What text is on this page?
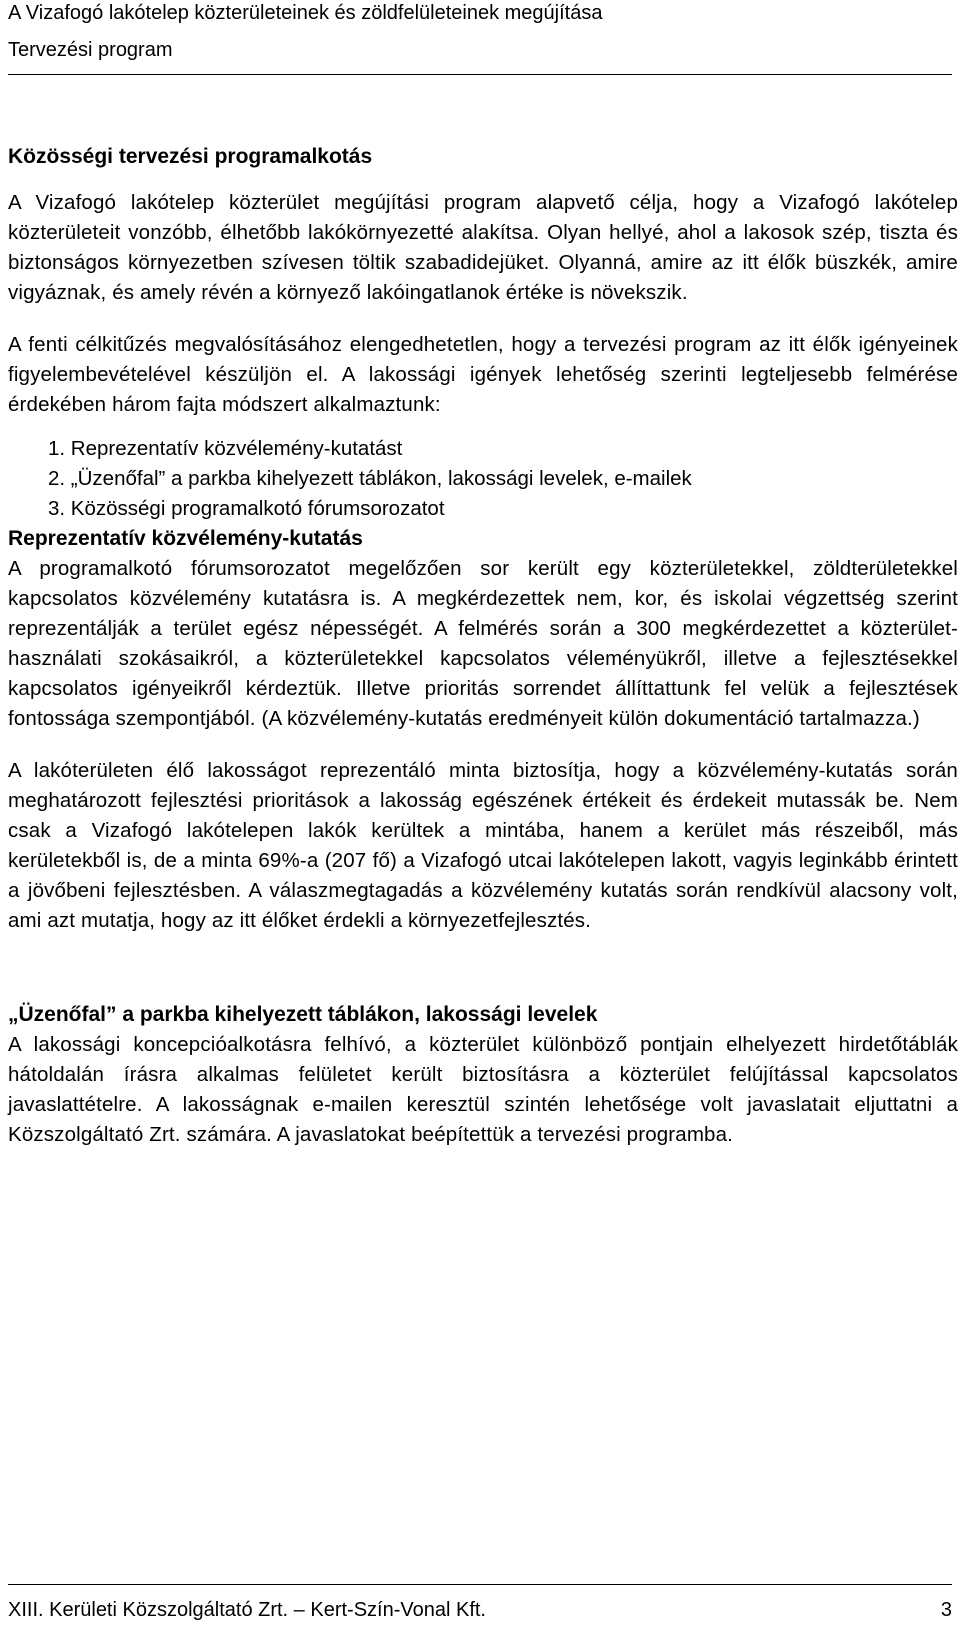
A Vizafogó lakótelep közterületeinek és zöldfelületeinek megújítása
Tervezési program
Közösségi tervezési programalkotás

A Vizafogó lakótelep közterület megújítási program alapvető célja, hogy a Vizafogó lakótelep közterületeit vonzóbb, élhetőbb lakókörnyezetté alakítsa. Olyan hellyé, ahol a lakosok szép, tiszta és biztonságos környezetben szívesen töltik szabadidejüket. Olyanná, amire az itt élők büszkék, amire vigyáznak, és amely révén a környező lakóingatlanok értéke is növekszik.

A fenti célkitűzés megvalósításához elengedhetetlen, hogy a tervezési program az itt élők igényeinek figyelembevételével készüljön el. A lakossági igények lehetőség szerinti legteljesebb felmérése érdekében három fajta módszert alkalmaztunk:

1. Reprezentatív közvélemény-kutatást
2. „Üzenőfal” a parkba kihelyezett táblákon, lakossági levelek, e-mailek
3. Közösségi programalkotó fórumsorozatot
Reprezentatív közvélemény-kutatás

A programalkotó fórumsorozatot megelőzően sor került egy közterületekkel, zöldterületekkel kapcsolatos közvélemény kutatásra is. A megkérdezettek nem, kor, és iskolai végzettség szerint reprezentálják a terület egész népességét. A felmérés során a 300 megkérdezettet a közterület-használati szokásaikról, a közterületekkel kapcsolatos véleményükről, illetve a fejlesztésekkel kapcsolatos igényeikről kérdeztük. Illetve prioritás sorrendet állíttattunk fel velük a fejlesztések fontossága szempontjából. (A közvélemény-kutatás eredményeit külön dokumentáció tartalmazza.)

A lakóterületen élő lakosságot reprezentáló minta biztosítja, hogy a közvélemény-kutatás során meghatározott fejlesztési prioritások a lakosság egészének értékeit és érdekeit mutassák be. Nem csak a Vizafogó lakótelepen lakók kerültek a mintába, hanem a kerület más részeiből, más kerületekből is, de a minta 69%-a (207 fő) a Vizafogó utcai lakótelepen lakott, vagyis leginkább érintett a jövőbeni fejlesztésben. A válaszmegtagadás a közvélemény kutatás során rendkívül alacsony volt, ami azt mutatja, hogy az itt élőket érdekli a környezetfejlesztés.

„Üzenőfal” a parkba kihelyezett táblákon, lakossági levelek

A lakossági koncepcióalkotásra felhívó, a közterület különböző pontjain elhelyezett hirdetőtáblák hátoldalán írásra alkalmas felületet került biztosításra a közterület felújítással kapcsolatos javaslattételre. A lakosságnak e-mailen keresztül szintén lehetősége volt javaslatait eljuttatni a Közszolgáltató Zrt. számára. A javaslatokat beépítettük a tervezési programba.

XIII. Kerületi Közszolgáltató Zrt. – Kert-Szín-Vonal Kft.	3
